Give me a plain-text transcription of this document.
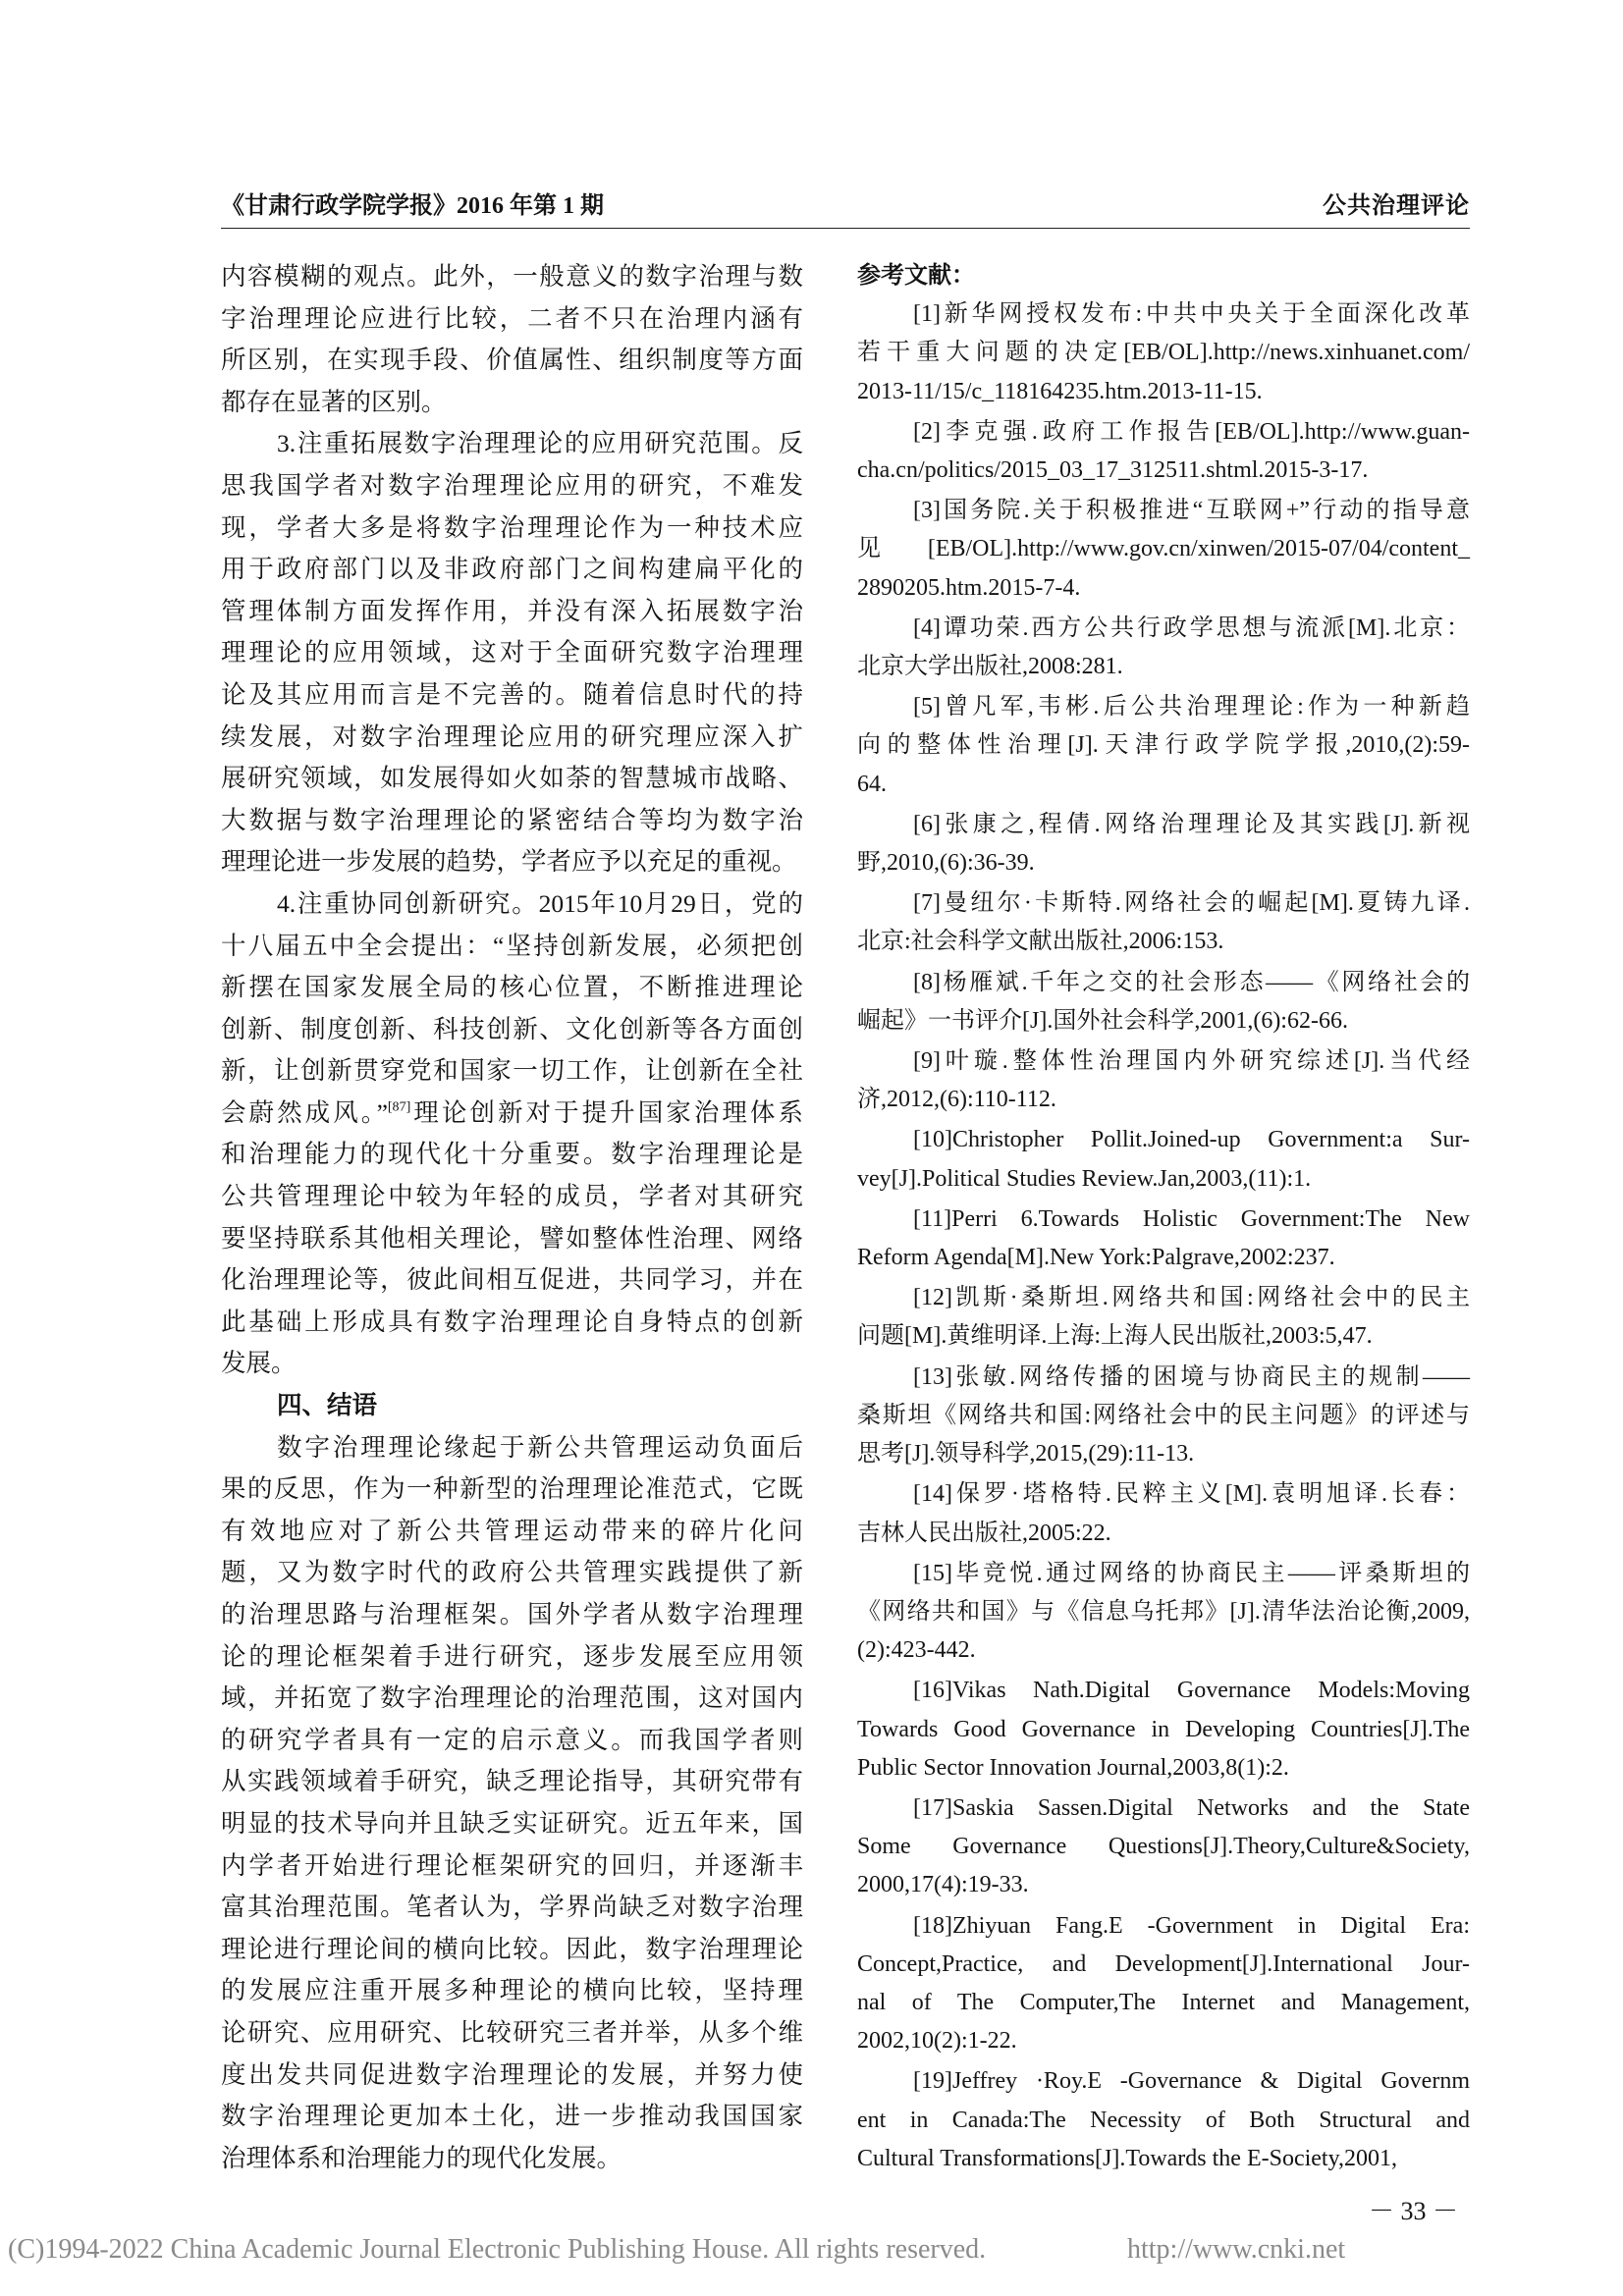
《甘肃行政学院学报》2016 年第 1 期	公共治理评论
内容模糊的观点。此外，一般意义的数字治理与数
字治理理论应进行比较，二者不只在治理内涵有
所区别，在实现手段、价值属性、组织制度等方面
都存在显著的区别。
3.注重拓展数字治理理论的应用研究范围。反
思我国学者对数字治理理论应用的研究，不难发
现，学者大多是将数字治理理论作为一种技术应
用于政府部门以及非政府部门之间构建扁平化的
管理体制方面发挥作用，并没有深入拓展数字治
理理论的应用领域，这对于全面研究数字治理理
论及其应用而言是不完善的。随着信息时代的持
续发展，对数字治理理论应用的研究理应深入扩
展研究领域，如发展得如火如荼的智慧城市战略、
大数据与数字治理理论的紧密结合等均为数字治
理理论进一步发展的趋势，学者应予以充足的重视。
4.注重协同创新研究。2015年10月29日，党的
十八届五中全会提出：“坚持创新发展，必须把创
新摆在国家发展全局的核心位置，不断推进理论
创新、制度创新、科技创新、文化创新等各方面创
新，让创新贯穿党和国家一切工作，让创新在全社
会蔚然成风。”[87]理论创新对于提升国家治理体系
和治理能力的现代化十分重要。数字治理理论是
公共管理理论中较为年轻的成员，学者对其研究
要坚持联系其他相关理论，譬如整体性治理、网络
化治理理论等，彼此间相互促进，共同学习，并在
此基础上形成具有数字治理理论自身特点的创新
发展。
四、结语
数字治理理论缘起于新公共管理运动负面后
果的反思，作为一种新型的治理理论准范式，它既
有效地应对了新公共管理运动带来的碎片化问
题，又为数字时代的政府公共管理实践提供了新
的治理思路与治理框架。国外学者从数字治理理
论的理论框架着手进行研究，逐步发展至应用领
域，并拓宽了数字治理理论的治理范围，这对国内
的研究学者具有一定的启示意义。而我国学者则
从实践领域着手研究，缺乏理论指导，其研究带有
明显的技术导向并且缺乏实证研究。近五年来，国
内学者开始进行理论框架研究的回归，并逐渐丰
富其治理范围。笔者认为，学界尚缺乏对数字治理
理论进行理论间的横向比较。因此，数字治理理论
的发展应注重开展多种理论的横向比较，坚持理
论研究、应用研究、比较研究三者并举，从多个维
度出发共同促进数字治理理论的发展，并努力使
数字治理理论更加本土化，进一步推动我国国家
治理体系和治理能力的现代化发展。
参考文献：
[1]新华网授权发布:中共中央关于全面深化改革
若干重大问题的决定[EB/OL].http://news.xinhuanet.com/
2013-11/15/c_118164235.htm.2013-11-15.
[2]李克强.政府工作报告[EB/OL].http://www.guan-
cha.cn/politics/2015_03_17_312511.shtml.2015-3-17.
[3]国务院.关于积极推进“互联网+”行动的指导意
见[EB/OL].http://www.gov.cn/xinwen/2015-07/04/content_
2890205.htm.2015-7-4.
[4]谭功荣.西方公共行政学思想与流派[M].北京：
北京大学出版社,2008:281.
[5]曾凡军,韦彬.后公共治理理论:作为一种新趋
向的整体性治理[J].天津行政学院学报,2010,(2):59-
64.
[6]张康之,程倩.网络治理理论及其实践[J].新视
野,2010,(6):36-39.
[7]曼纽尔·卡斯特.网络社会的崛起[M].夏铸九译.
北京:社会科学文献出版社,2006:153.
[8]杨雁斌.千年之交的社会形态——《网络社会的
崛起》一书评介[J].国外社会科学,2001,(6):62-66.
[9]叶璇.整体性治理国内外研究综述[J].当代经
济,2012,(6):110-112.
[10]Christopher Pollit.Joined-up Government:a Sur-
vey[J].Political Studies Review.Jan,2003,(11):1.
[11]Perri 6.Towards Holistic Government:The New
Reform Agenda[M].New York:Palgrave,2002:237.
[12]凯斯·桑斯坦.网络共和国:网络社会中的民主
问题[M].黄维明译.上海:上海人民出版社,2003:5,47.
[13]张敏.网络传播的困境与协商民主的规制——
桑斯坦《网络共和国:网络社会中的民主问题》的评述与
思考[J].领导科学,2015,(29):11-13.
[14]保罗·塔格特.民粹主义[M].袁明旭译.长春：
吉林人民出版社,2005:22.
[15]毕竞悦.通过网络的协商民主——评桑斯坦的
《网络共和国》与《信息乌托邦》[J].清华法治论衡,2009,
(2):423-442.
[16]Vikas Nath.Digital Governance Models:Moving
Towards Good Governance in Developing Countries[J].The
Public Sector Innovation Journal,2003,8(1):2.
[17]Saskia Sassen.Digital Networks and the State
Some Governance Questions[J].Theory,Culture&Society,
2000,17(4):19-33.
[18]Zhiyuan Fang.E -Government in Digital Era:
Concept,Practice, and Development[J].International Jour-
nal of The Computer,The Internet and Management,
2002,10(2):1-22.
[19]Jeffrey ·Roy.E -Governance & Digital Governm
ent in Canada:The Necessity of Both Structural and
Cultural Transformations[J].Towards the E-Society,2001,
－ 33 －
(C)1994-2022 China Academic Journal Electronic Publishing House. All rights reserved.	http://www.cnki.net
